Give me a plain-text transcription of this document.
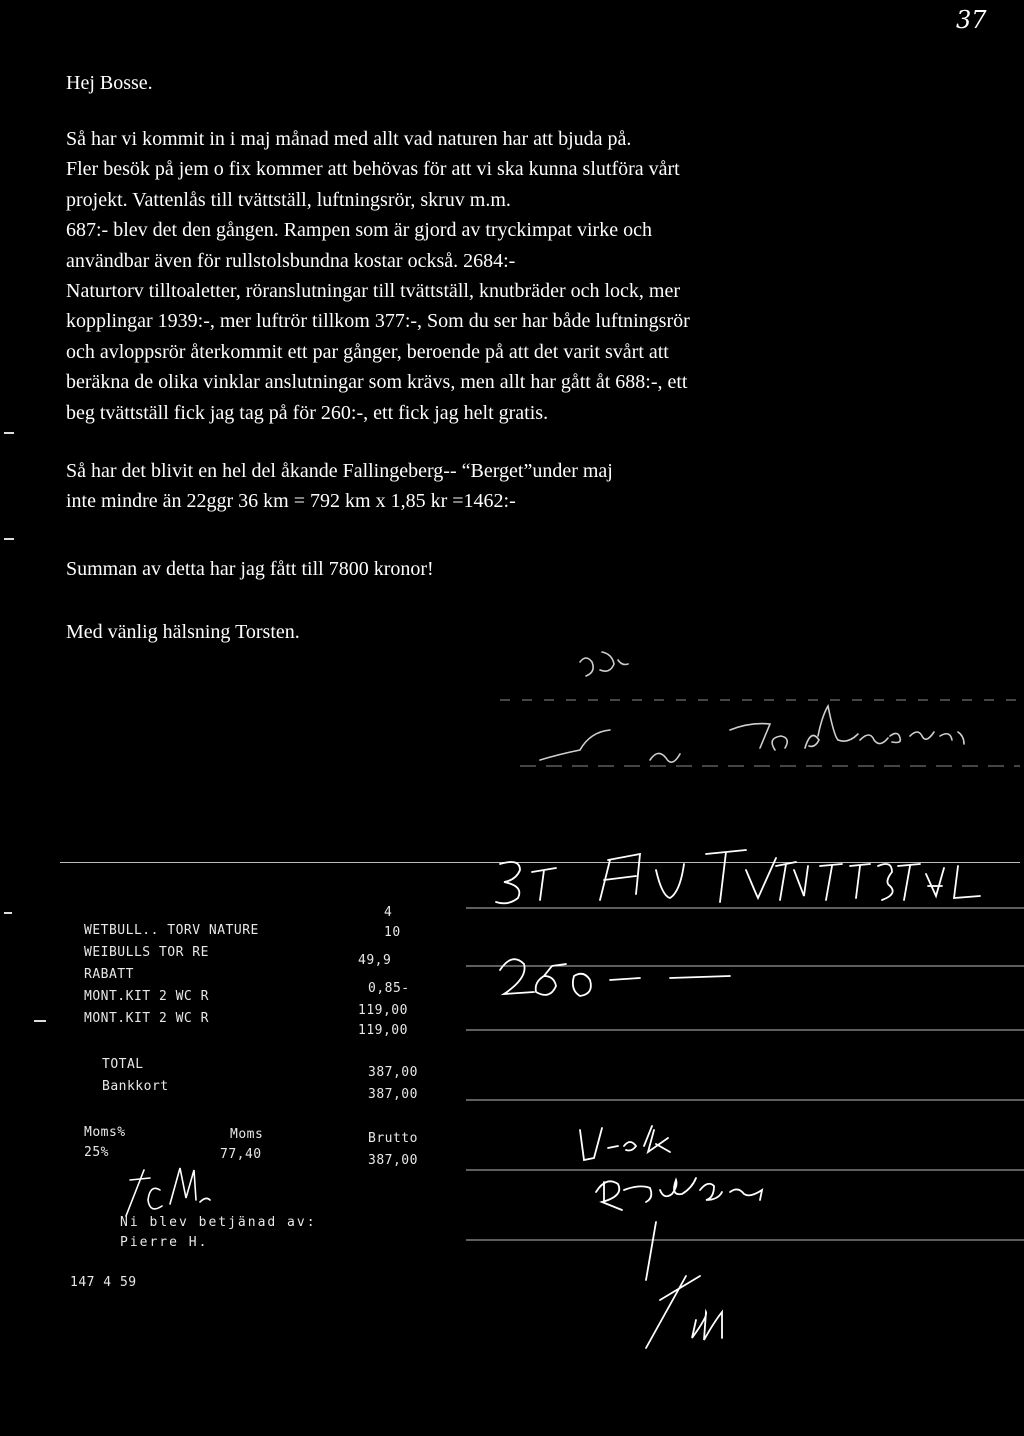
37
Hej Bosse.
Så har vi kommit in i maj månad med allt vad naturen har att bjuda på.
Fler besök på jem o fix kommer att behövas för att vi ska kunna slutföra vårt
projekt. Vattenlås till tvättställ, luftningsrör, skruv m.m.
687:- blev det den gången. Rampen som är gjord av tryckimpat virke och
användbar även för rullstolsbundna kostar också. 2684:-
Naturtorv tilltoaletter, röranslutningar till tvättställ, knutbräder och lock, mer
kopplingar 1939:-, mer luftrör tillkom 377:-, Som du ser har både luftningsrör
och avloppsrör återkommit ett par gånger, beroende på att det varit svårt att
beräkna de olika vinklar anslutningar som krävs, men allt har gått åt 688:-, ett
beg tvättställ fick jag tag på för 260:-, ett fick jag helt gratis.
Så har det blivit en hel del åkande Fallingeberg-- “Berget”under maj
inte mindre än 22ggr 36 km = 792 km x 1,85 kr =1462:-
Summan av detta har jag fått till 7800 kronor!
Med vänlig hälsning Torsten.
WETBULL.. TORV NATURE
4
WEIBULLS TOR RE
10
RABATT
49,9
MONT.KIT 2 WC R
0,85-
MONT.KIT 2 WC R
119,00
119,00
TOTAL
387,00
Bankkort
387,00
Moms%
25%
Moms
77,40
Brutto
387,00
Ni blev betjänad av:
Pierre H.
147 4 59
